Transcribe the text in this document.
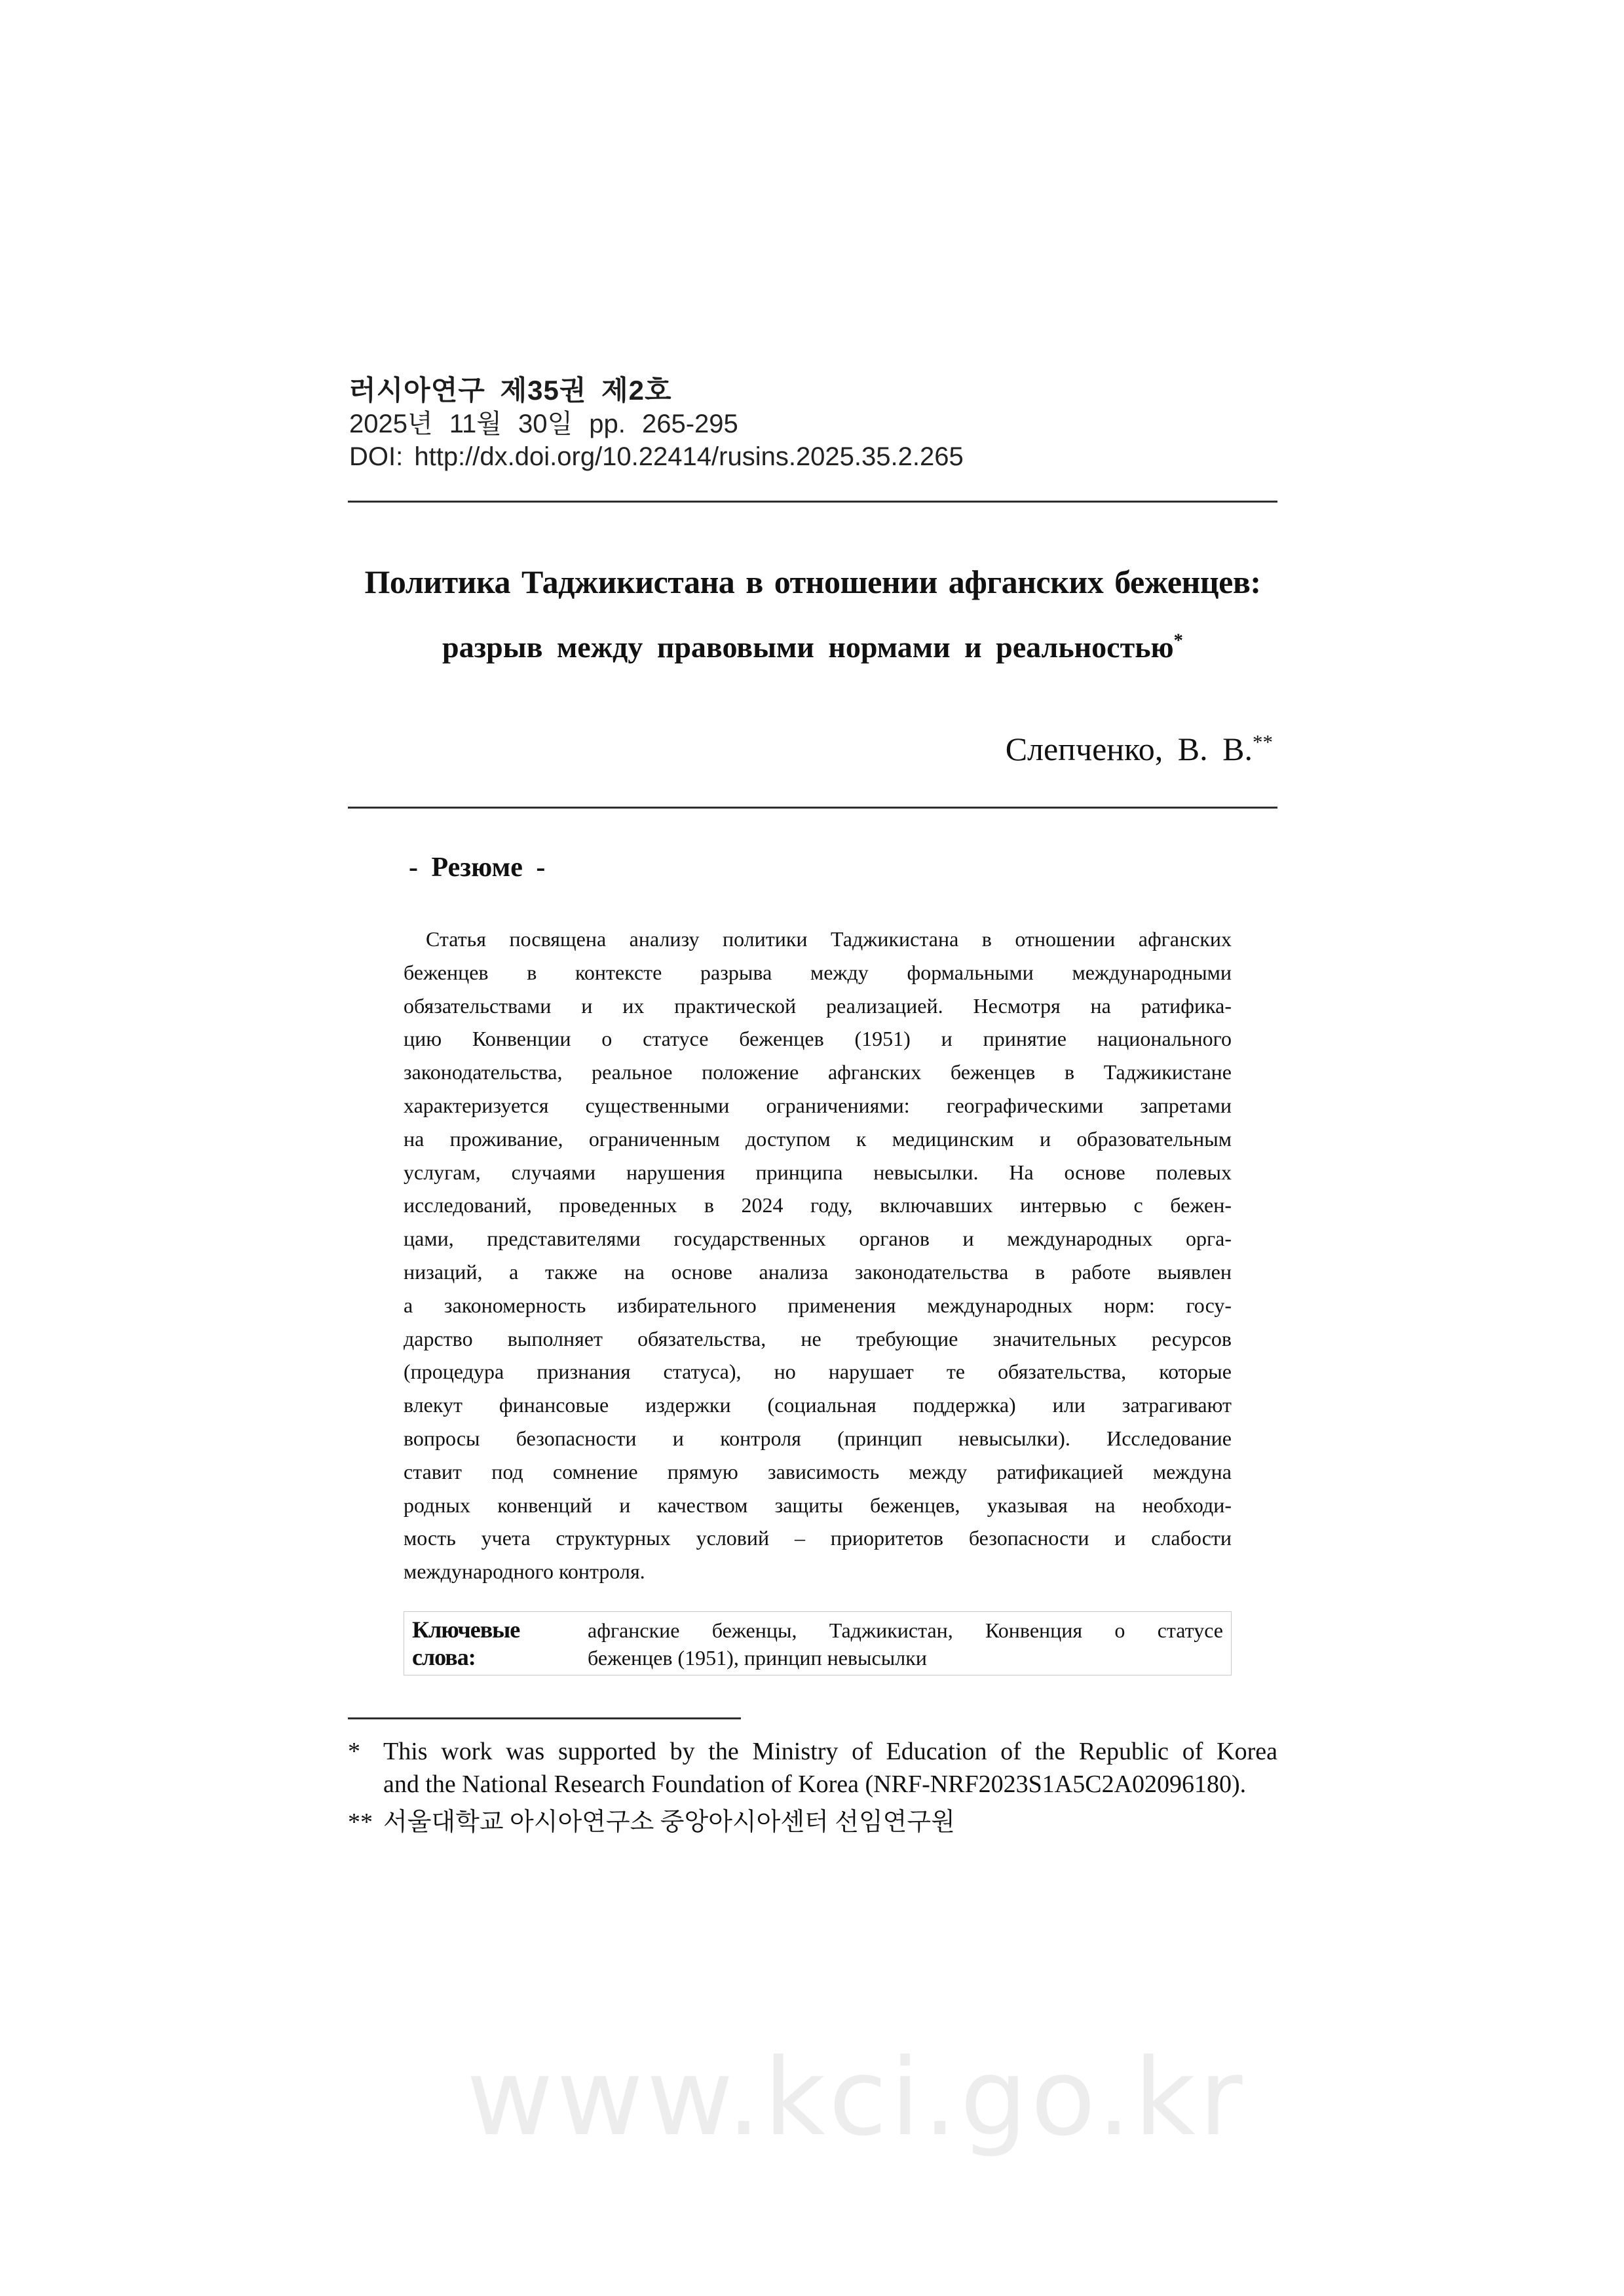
러시아연구 제35권 제2호
2025년 11월 30일 pp. 265-295
DOI: http://dx.doi.org/10.22414/rusins.2025.35.2.265
Политика Таджикистана в отношении афганских беженцев:
разрыв между правовыми нормами и реальностью*
Слепченко, В. В.**
- Резюме -
Статья посвящена анализу политики Таджикистана в отношении афганских
беженцев в контексте разрыва между формальными международными
обязательствами и их практической реализацией. Несмотря на ратифика-
цию Конвенции о статусе беженцев (1951) и принятие национального
законодательства, реальное положение афганских беженцев в Таджикистане
характеризуется существенными ограничениями: географическими запретами
на проживание, ограниченным доступом к медицинским и образовательным
услугам, случаями нарушения принципа невысылки. На основе полевых
исследований, проведенных в 2024 году, включавших интервью с бежен-
цами, представителями государственных органов и международных орга-
низаций, а также на основе анализа законодательства в работе выявлен
а закономерность избирательного применения международных норм: госу-
дарство выполняет обязательства, не требующие значительных ресурсов
(процедура признания статуса), но нарушает те обязательства, которые
влекут финансовые издержки (социальная поддержка) или затрагивают
вопросы безопасности и контроля (принцип невысылки). Исследование
ставит под сомнение прямую зависимость между ратификацией междуна
родных конвенций и качеством защиты беженцев, указывая на необходи-
мость учета структурных условий – приоритетов безопасности и слабости
международного контроля.
Ключевые слова:
афганские беженцы, Таджикистан, Конвенция о статусе
беженцев (1951), принцип невысылки
* This work was supported by the Ministry of Education of the Republic of Korea
and the National Research Foundation of Korea (NRF-NRF2023S1A5C2A02096180).
** 서울대학교 아시아연구소 중앙아시아센터 선임연구원
www.kci.go.kr
